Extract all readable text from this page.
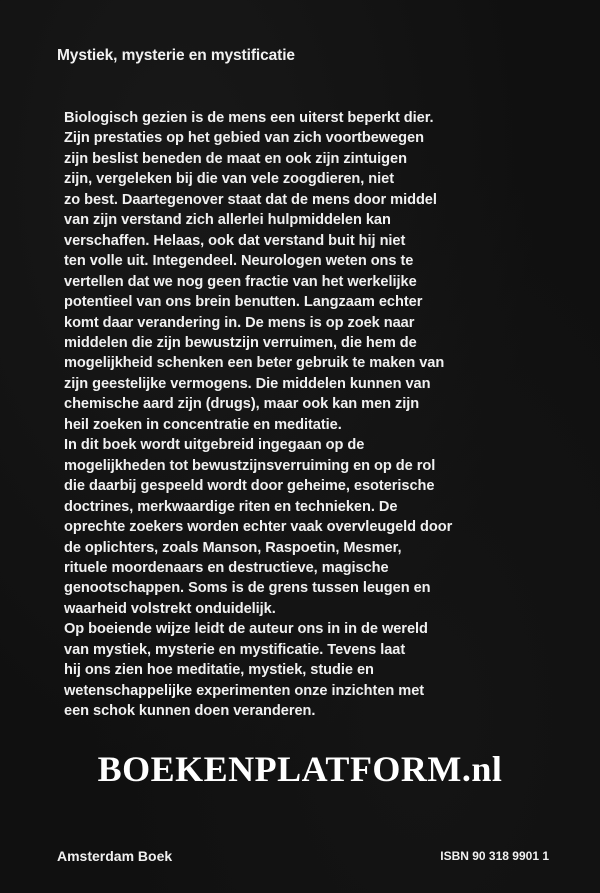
Mystiek, mysterie en mystificatie
Biologisch gezien is de mens een uiterst beperkt dier.
Zijn prestaties op het gebied van zich voortbewegen
zijn beslist beneden de maat en ook zijn zintuigen
zijn, vergeleken bij die van vele zoogdieren, niet
zo best. Daartegenover staat dat de mens door middel
van zijn verstand zich allerlei hulpmiddelen kan
verschaffen. Helaas, ook dat verstand buit hij niet
ten volle uit. Integendeel. Neurologen weten ons te
vertellen dat we nog geen fractie van het werkelijke
potentieel van ons brein benutten. Langzaam echter
komt daar verandering in. De mens is op zoek naar
middelen die zijn bewustzijn verruimen, die hem de
mogelijkheid schenken een beter gebruik te maken van
zijn geestelijke vermogens. Die middelen kunnen van
chemische aard zijn (drugs), maar ook kan men zijn
heil zoeken in concentratie en meditatie.
In dit boek wordt uitgebreid ingegaan op de
mogelijkheden tot bewustzijnsverruiming en op de rol
die daarbij gespeeld wordt door geheime, esoterische
doctrines, merkwaardige riten en technieken. De
oprechte zoekers worden echter vaak overvleugeld door
de oplichters, zoals Manson, Raspoetin, Mesmer,
rituele moordenaars en destructieve, magische
genootschappen. Soms is de grens tussen leugen en
waarheid volstrekt onduidelijk.
Op boeiende wijze leidt de auteur ons in in de wereld
van mystiek, mysterie en mystificatie. Tevens laat
hij ons zien hoe meditatie, mystiek, studie en
wetenschappelijke experimenten onze inzichten met
een schok kunnen doen veranderen.
BOEKENPLATFORM.nl
Amsterdam Boek	ISBN 90 318 9901 1
